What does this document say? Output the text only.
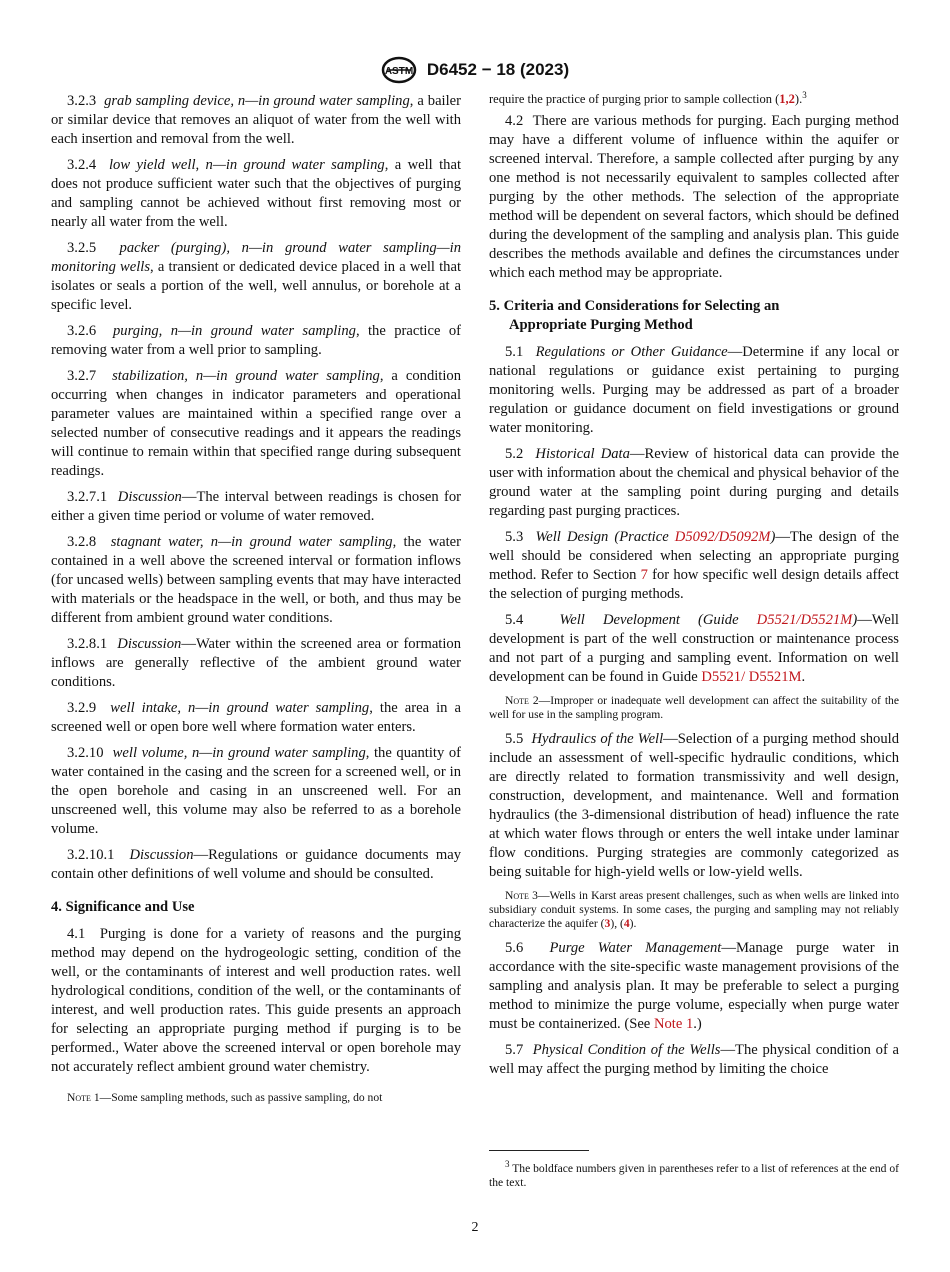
ASTM D6452 − 18 (2023)

3.2.3 grab sampling device, n—in ground water sampling, a bailer or similar device that removes an aliquot of water from the well with each insertion and removal from the well.

3.2.4 low yield well, n—in ground water sampling, a well that does not produce sufficient water such that the objectives of purging and sampling cannot be achieved without first removing most or nearly all water from the well.

3.2.5 packer (purging), n—in ground water sampling—in monitoring wells, a transient or dedicated device placed in a well that isolates or seals a portion of the well, well annulus, or borehole at a specific level.

3.2.6 purging, n—in ground water sampling, the practice of removing water from a well prior to sampling.

3.2.7 stabilization, n—in ground water sampling, a condition occurring when changes in indicator parameters and operational parameter values are maintained within a specified range over a selected number of consecutive readings and it appears the readings will continue to remain within that specified range during subsequent readings.

3.2.7.1 Discussion—The interval between readings is chosen for either a given time period or volume of water removed.

3.2.8 stagnant water, n—in ground water sampling, the water contained in a well above the screened interval or formation inflows (for uncased wells) between sampling events that may have interacted with materials or the headspace in the well, or both, and thus may be different from ambient ground water conditions.

3.2.8.1 Discussion—Water within the screened area or formation inflows are generally reflective of the ambient ground water conditions.

3.2.9 well intake, n—in ground water sampling, the area in a screened well or open bore well where formation water enters.

3.2.10 well volume, n—in ground water sampling, the quantity of water contained in the casing and the screen for a screened well, or in the open borehole and casing in an unscreened well. For an unscreened well, this volume may also be referred to as a borehole volume.

3.2.10.1 Discussion—Regulations or guidance documents may contain other definitions of well volume and should be consulted.

4. Significance and Use

4.1 Purging is done for a variety of reasons and the purging method may depend on the hydrogeologic setting, condition of the well, or the contaminants of interest and well production rates. well hydrological conditions, condition of the well, or the contaminants of interest, and well production rates. This guide presents an approach for selecting an appropriate purging method if purging is to be performed., Water above the screened interval or open borehole may not accurately reflect ambient ground water chemistry.

Note 1—Some sampling methods, such as passive sampling, do not
require the practice of purging prior to sample collection (1,2).$^3$

4.2 There are various methods for purging. Each purging method may have a different volume of influence within the aquifer or screened interval. Therefore, a sample collected after purging by any one method is not necessarily equivalent to samples collected after purging by the other methods. The selection of the appropriate method will be dependent on several factors, which should be defined during the development of the sampling and analysis plan. This guide describes the methods available and defines the circumstances under which each method may be appropriate.

5. Criteria and Considerations for Selecting an
Appropriate Purging Method

5.1 Regulations or Other Guidance—Determine if any local or national regulations or guidance exist pertaining to purging monitoring wells. Purging may be addressed as part of a broader regulation or guidance document on field investigations or ground water monitoring.

5.2 Historical Data—Review of historical data can provide the user with information about the chemical and physical behavior of the ground water at the sampling point during purging and details regarding past purging practices.

5.3 Well Design (Practice D5092/D5092M)—The design of the well should be considered when selecting an appropriate purging method. Refer to Section 7 for how specific well design details affect the selection of purging methods.

5.4 Well Development (Guide D5521/D5521M)—Well development is part of the well construction or maintenance process and not part of a purging and sampling event. Information on well development can be found in Guide D5521/ D5521M.

Note 2—Improper or inadequate well development can affect the suitability of the well for use in the sampling program.

5.5 Hydraulics of the Well—Selection of a purging method should include an assessment of well-specific hydraulic conditions, which are directly related to formation transmissivity and well design, construction, development, and maintenance. Well and formation hydraulics (the 3-dimensional distribution of head) influence the rate at which water flows through or enters the well intake under laminar flow conditions. Purging strategies are commonly categorized as being suitable for high-yield wells or low-yield wells.

Note 3—Wells in Karst areas present challenges, such as when wells are linked into subsidiary conduit systems. In some cases, the purging and sampling may not reliably characterize the aquifer (3), (4).

5.6 Purge Water Management—Manage purge water in accordance with the site-specific waste management provisions of the sampling and analysis plan. It may be preferable to select a purging method to minimize the purge volume, especially when purge water must be containerized. (See Note 1.)

5.7 Physical Condition of the Wells—The physical condition of a well may affect the purging method by limiting the choice

$^3$ The boldface numbers given in parentheses refer to a list of references at the end of the text.
2
